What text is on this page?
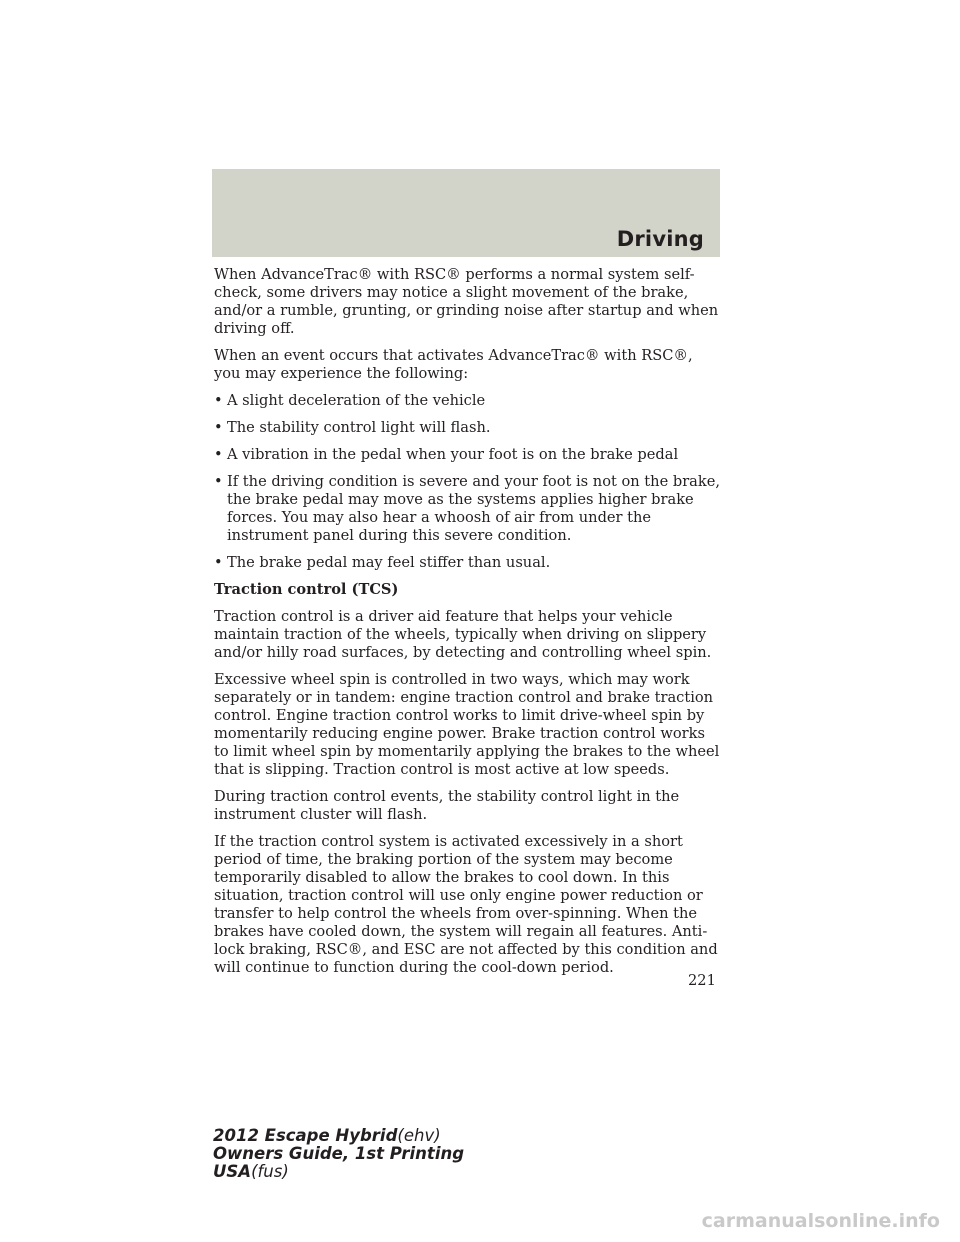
Driving

When AdvanceTrac® with RSC® performs a normal system self-check, some drivers may notice a slight movement of the brake, and/or a rumble, grunting, or grinding noise after startup and when driving off.

When an event occurs that activates AdvanceTrac® with RSC®, you may experience the following:

• A slight deceleration of the vehicle
• The stability control light will flash.
• A vibration in the pedal when your foot is on the brake pedal
• If the driving condition is severe and your foot is not on the brake, the brake pedal may move as the systems applies higher brake forces. You may also hear a whoosh of air from under the instrument panel during this severe condition.
• The brake pedal may feel stiffer than usual.

Traction control (TCS)

Traction control is a driver aid feature that helps your vehicle maintain traction of the wheels, typically when driving on slippery and/or hilly road surfaces, by detecting and controlling wheel spin.

Excessive wheel spin is controlled in two ways, which may work separately or in tandem: engine traction control and brake traction control. Engine traction control works to limit drive-wheel spin by momentarily reducing engine power. Brake traction control works to limit wheel spin by momentarily applying the brakes to the wheel that is slipping. Traction control is most active at low speeds.

During traction control events, the stability control light in the instrument cluster will flash.

If the traction control system is activated excessively in a short period of time, the braking portion of the system may become temporarily disabled to allow the brakes to cool down. In this situation, traction control will use only engine power reduction or transfer to help control the wheels from over-spinning. When the brakes have cooled down, the system will regain all features. Anti-lock braking, RSC®, and ESC are not affected by this condition and will continue to function during the cool-down period.

221
2012 Escape Hybrid(ehv)
Owners Guide, 1st Printing
USA(fus)
carmanualsonline.info
